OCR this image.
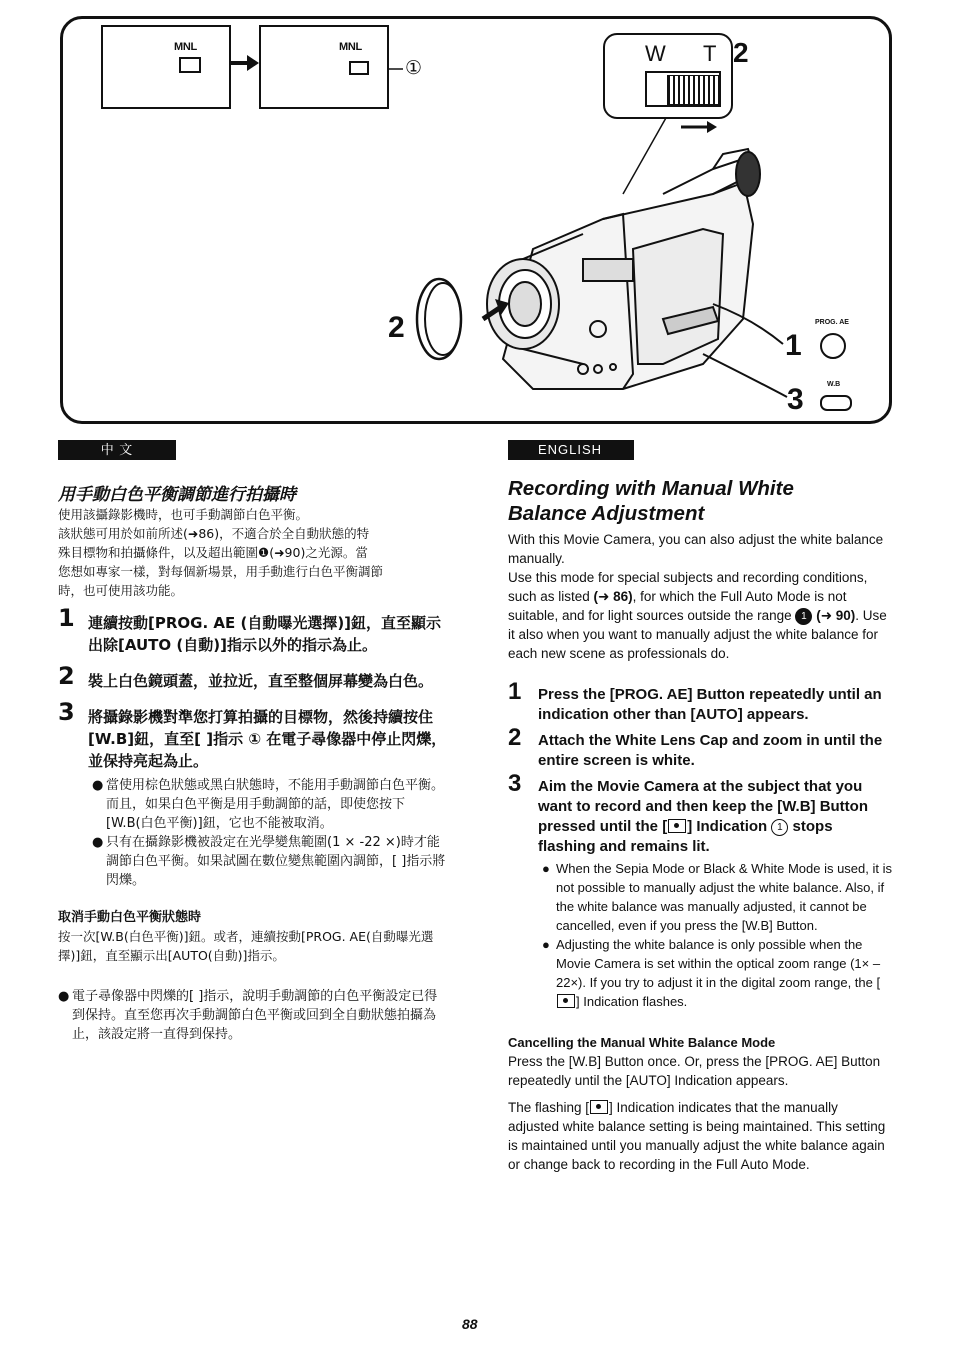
MNL	MNL
①
W T 2
2
1
PROG. AE
3	W.B
中 文

用手動白色平衡調節進行拍攝時

使用該攝錄影機時，也可手動調節白色平衡。

該狀態可用於如前所述(➜86)，不適合於全自動狀態的特

殊目標物和拍攝條件，以及超出範圍❶(➜90)之光源。當

您想如專家一樣，對每個新場景，用手動進行白色平衡調節

時，也可使用該功能。

1 連續按動[PROG. AE (自動曝光選擇)]鈕，直至顯示出除[AUTO (自動)]指示以外的指示為止。
2 裝上白色鏡頭蓋，並拉近，直至整個屏幕變為白色。
3 將攝錄影機對準您打算拍攝的目標物，然後持續按住[W.B]鈕，直至[ ]指示 ① 在電子尋像器中停止閃爍，並保持亮起為止。
● 當使用棕色狀態或黑白狀態時，不能用手動調節白色平衡。而且，如果白色平衡是用手動調節的話，即使您按下[W.B(白色平衡)]鈕，它也不能被取消。
● 只有在攝錄影機被設定在光學變焦範圍(1 × -22 ×)時才能調節白色平衡。如果試圖在數位變焦範圍內調節，[ ]指示將閃爍。

取消手動白色平衡狀態時

按一次[W.B(白色平衡)]鈕。或者，連續按動[PROG. AE(自動曝光選擇)]鈕，直至顯示出[AUTO(自動)]指示。

● 電子尋像器中閃爍的[ ]指示，說明手動調節的白色平衡設定已得到保持。直至您再次手動調節白色平衡或回到全自動狀態拍攝為止，該設定將一直得到保持。
ENGLISH

Recording with Manual White

Balance Adjustment

With this Movie Camera, you can also adjust the white balance manually.

Use this mode for special subjects and recording conditions, such as listed (➜ 86), for which the Full Auto Mode is not suitable, and for light sources outside the range 1 (➜ 90). Use it also when you want to manually adjust the white balance for each new scene as professionals do.

1 Press the [PROG. AE] Button repeatedly until an indication other than [AUTO] appears.
2 Attach the White Lens Cap and zoom in until the entire screen is white.
3 Aim the Movie Camera at the subject that you want to record and then keep the [W.B] Button pressed until the [ ] Indication 1 stops flashing and remains lit.
● When the Sepia Mode or Black & White Mode is used, it is not possible to manually adjust the white balance. Also, if the white balance was manually adjusted, it cannot be cancelled, even if you press the [W.B] Button.
● Adjusting the white balance is only possible when the Movie Camera is set within the optical zoom range (1× – 22×). If you try to adjust it in the digital zoom range, the [] Indication flashes.

Cancelling the Manual White Balance Mode

Press the [W.B] Button once. Or, press the [PROG. AE] Button repeatedly until the [AUTO] Indication appears.

The flashing [ ] Indication indicates that the manually adjusted white balance setting is being maintained. This setting is maintained until you manually adjust the white balance again or change back to recording in the Full Auto Mode.

88
